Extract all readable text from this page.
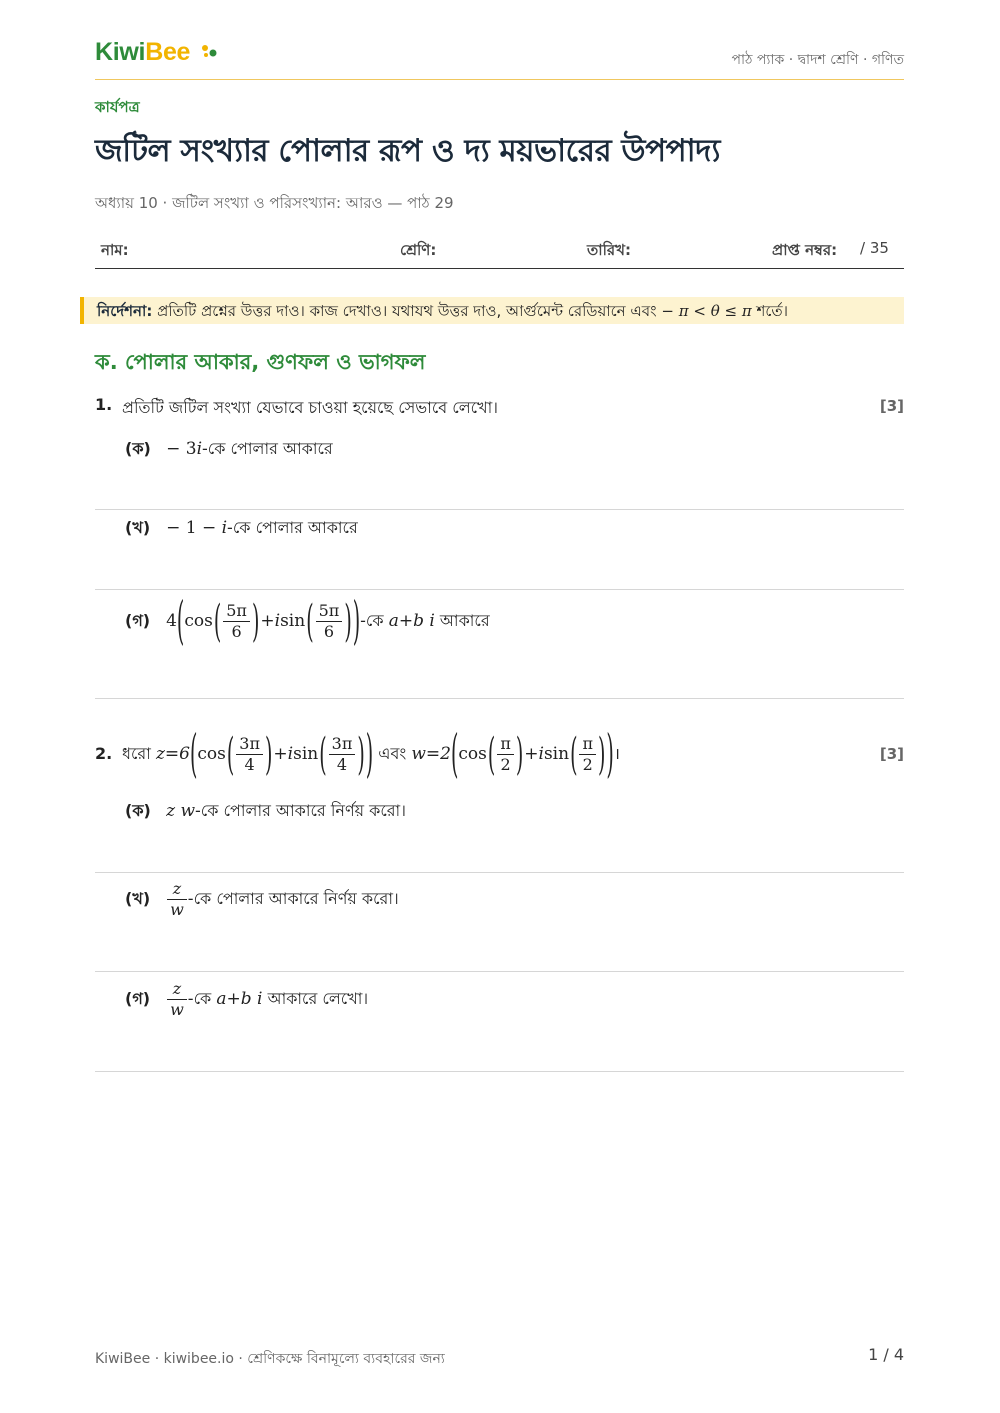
KiwiBee	পাঠ প্যাক · দ্বাদশ শ্রেণি · গণিত
কার্যপত্র
জটিল সংখ্যার পোলার রূপ ও দ্য ময়ভারের উপপাদ্য
অধ্যায় 10 · জটিল সংখ্যা ও পরিসংখ্যান: আরও — পাঠ 29
নাম:	শ্রেণি:	তারিখ:	প্রাপ্ত নম্বর: / 35
নির্দেশনা: প্রতিটি প্রশ্নের উত্তর দাও। কাজ দেখাও। যথাযথ উত্তর দাও, আর্গুমেন্ট রেডিয়ানে এবং − π < θ ≤ π শর্তে।
ক. পোলার আকার, গুণফল ও ভাগফল
1. প্রতিটি জটিল সংখ্যা যেভাবে চাওয়া হয়েছে সেভাবে লেখো।	[3]
(ক) − 3i-কে পোলার আকারে
(খ) − 1 − i-কে পোলার আকারে
(গ) $4(\cos( \frac{5\pi}{6} )+isin( \frac{5\pi}{6}$ ))-কে a+b i আকারে
2. ধরো $z=6(\cos( \frac{3\pi}{4} )+isin( \frac{3\pi}{4}$ )) এবং $w=2(\cos( \frac{\pi}{2} )+isin( \frac{\pi}{2}$ ))।	[3]
(ক) z w-কে পোলার আকারে নির্ণয় করো।
(খ) $\frac{z}{w}$ -কে পোলার আকারে নির্ণয় করো।
(গ) $\frac{z}{w}$ -কে a+b i আকারে লেখো।
KiwiBee · kiwibee.io · শ্রেণিকক্ষে বিনামূল্যে ব্যবহারের জন্য	1 / 4
